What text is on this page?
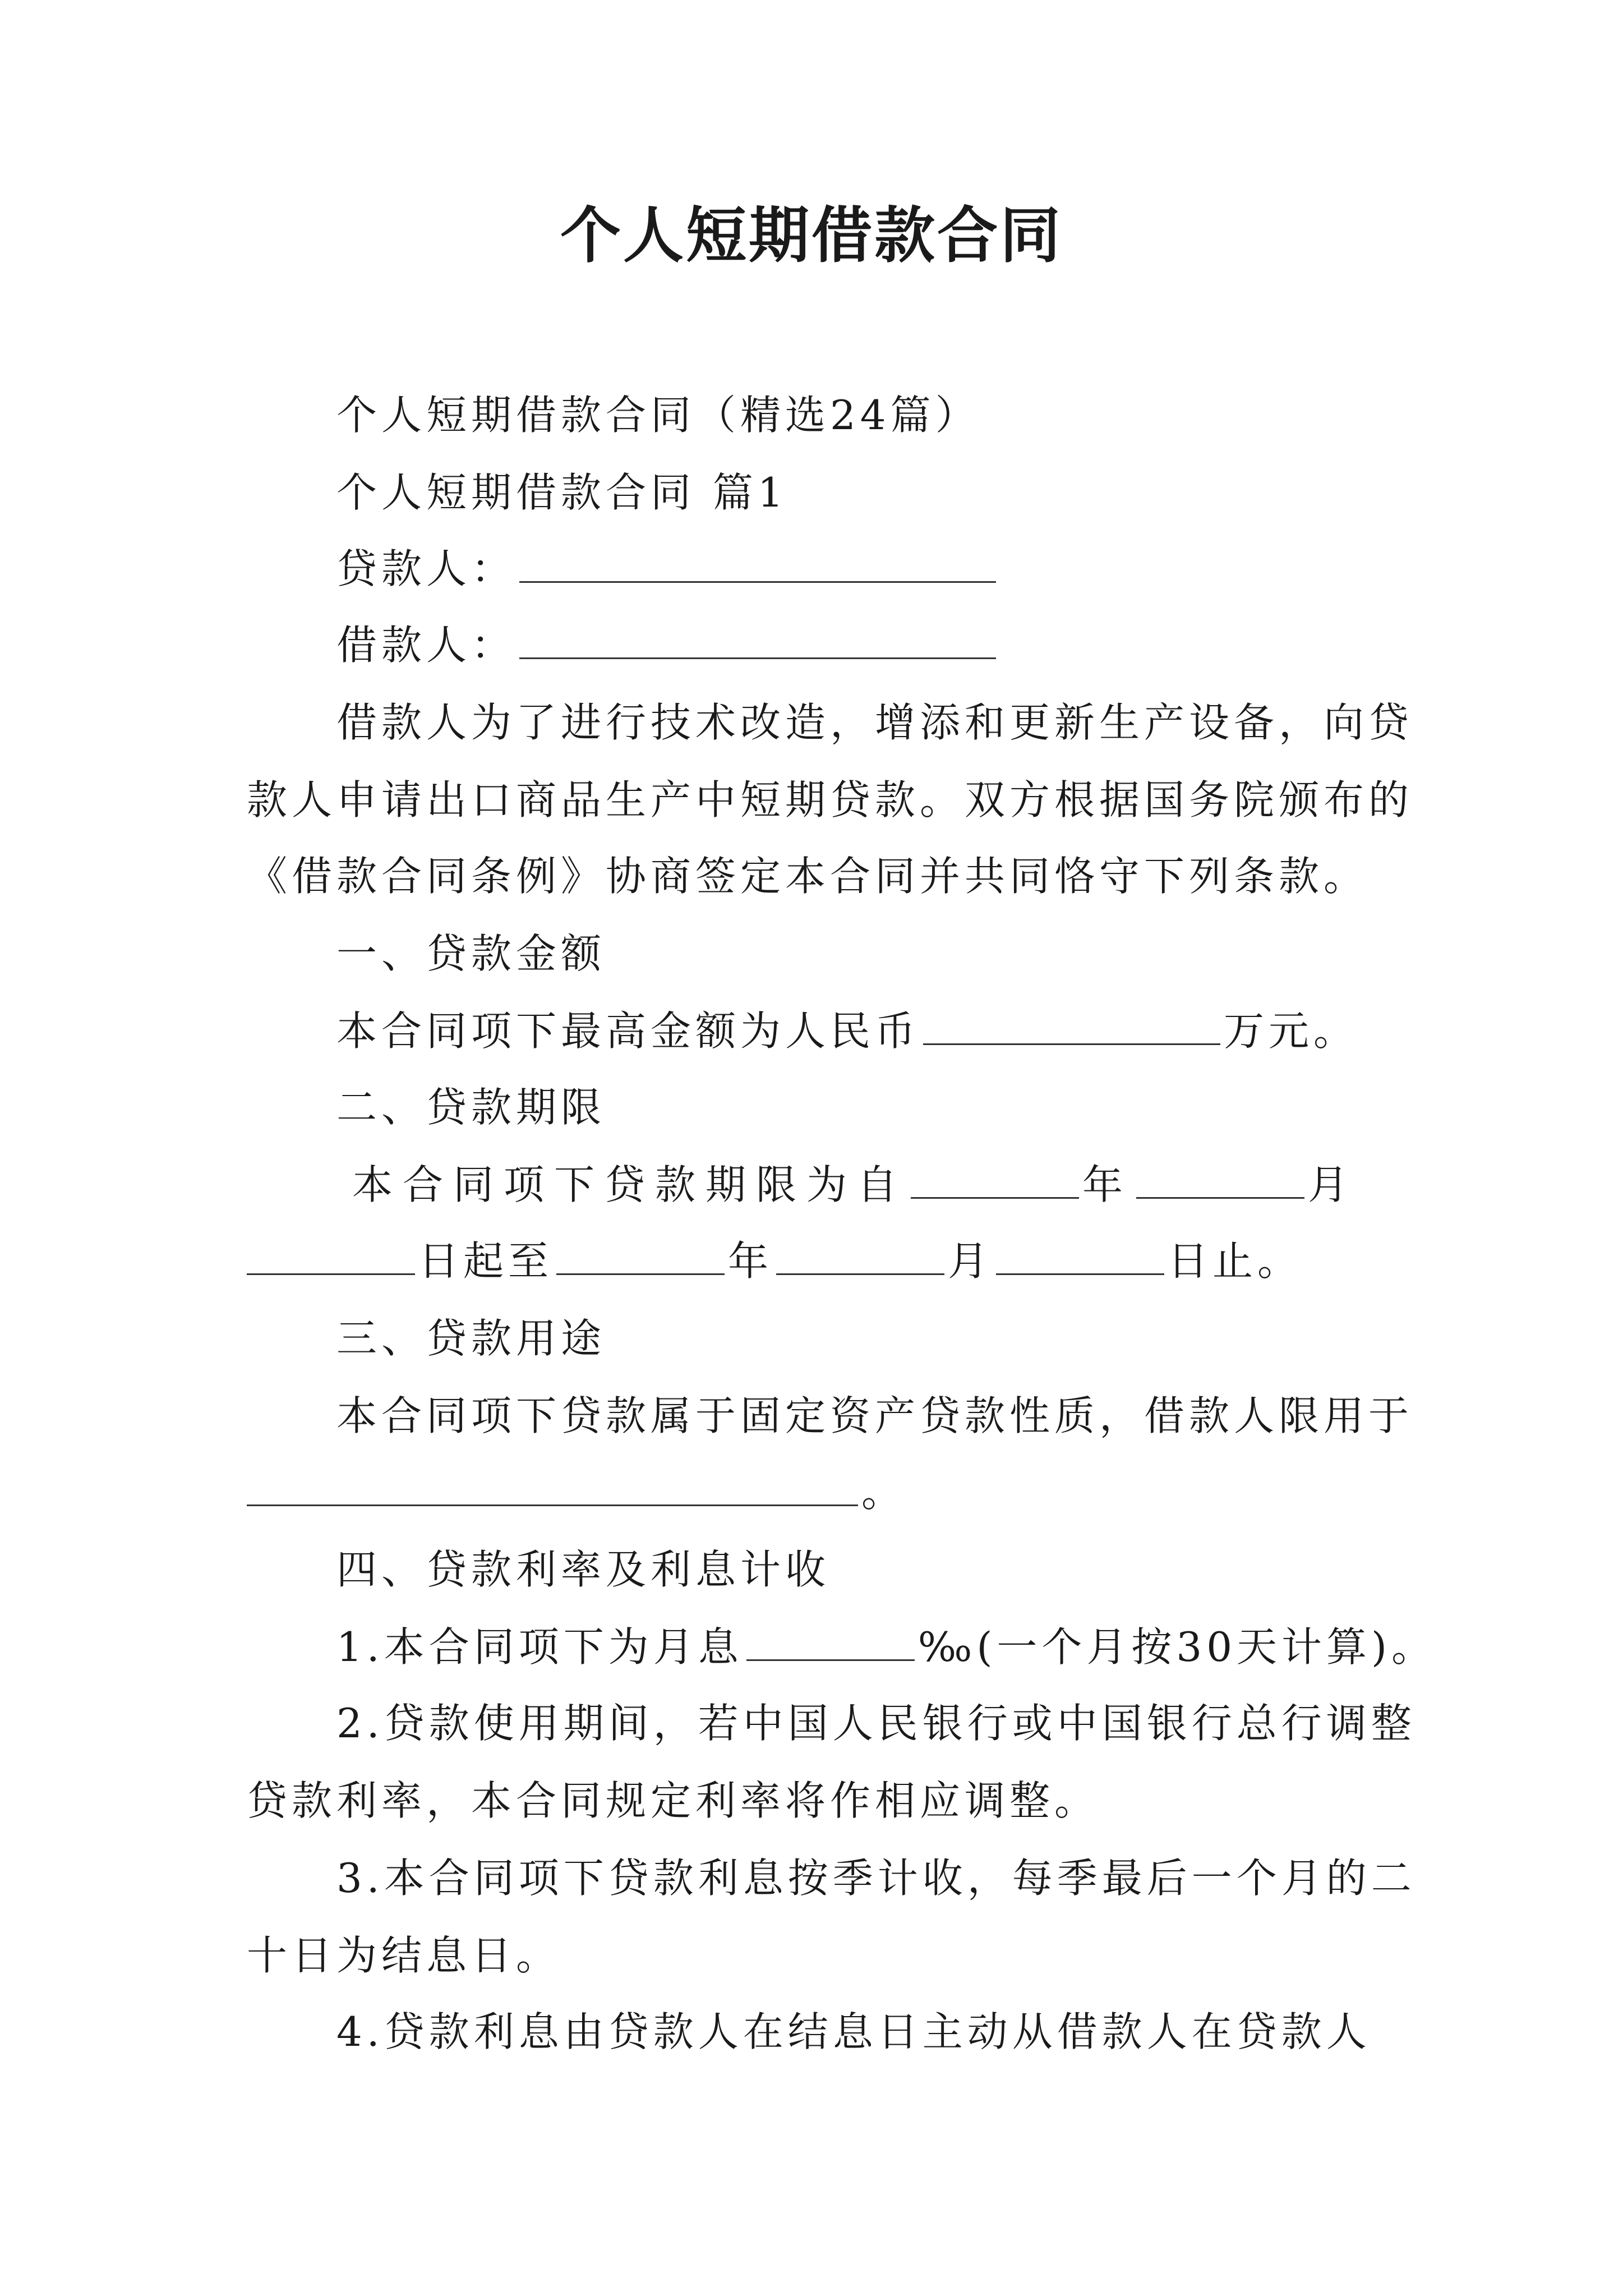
个人短期借款合同
个人短期借款合同（精选24篇）
个人短期借款合同 篇1
贷款人：
借款人：
借款人为了进行技术改造，增添和更新生产设备，向贷
款人申请出口商品生产中短期贷款。双方根据国务院颁布的
《借款合同条例》协商签定本合同并共同恪守下列条款。
一、贷款金额
本合同项下最高金额为人民币	万元。
二、贷款期限
本合同项下贷款期限为自	年	月
日起至	年	月	日止。
三、贷款用途
本合同项下贷款属于固定资产贷款性质，借款人限用于
。
四、贷款利率及利息计收
1.本合同项下为月息	‰(一个月按30天计算)。
2.贷款使用期间，若中国人民银行或中国银行总行调整
贷款利率，本合同规定利率将作相应调整。
3.本合同项下贷款利息按季计收，每季最后一个月的二
十日为结息日。
4.贷款利息由贷款人在结息日主动从借款人在贷款人
